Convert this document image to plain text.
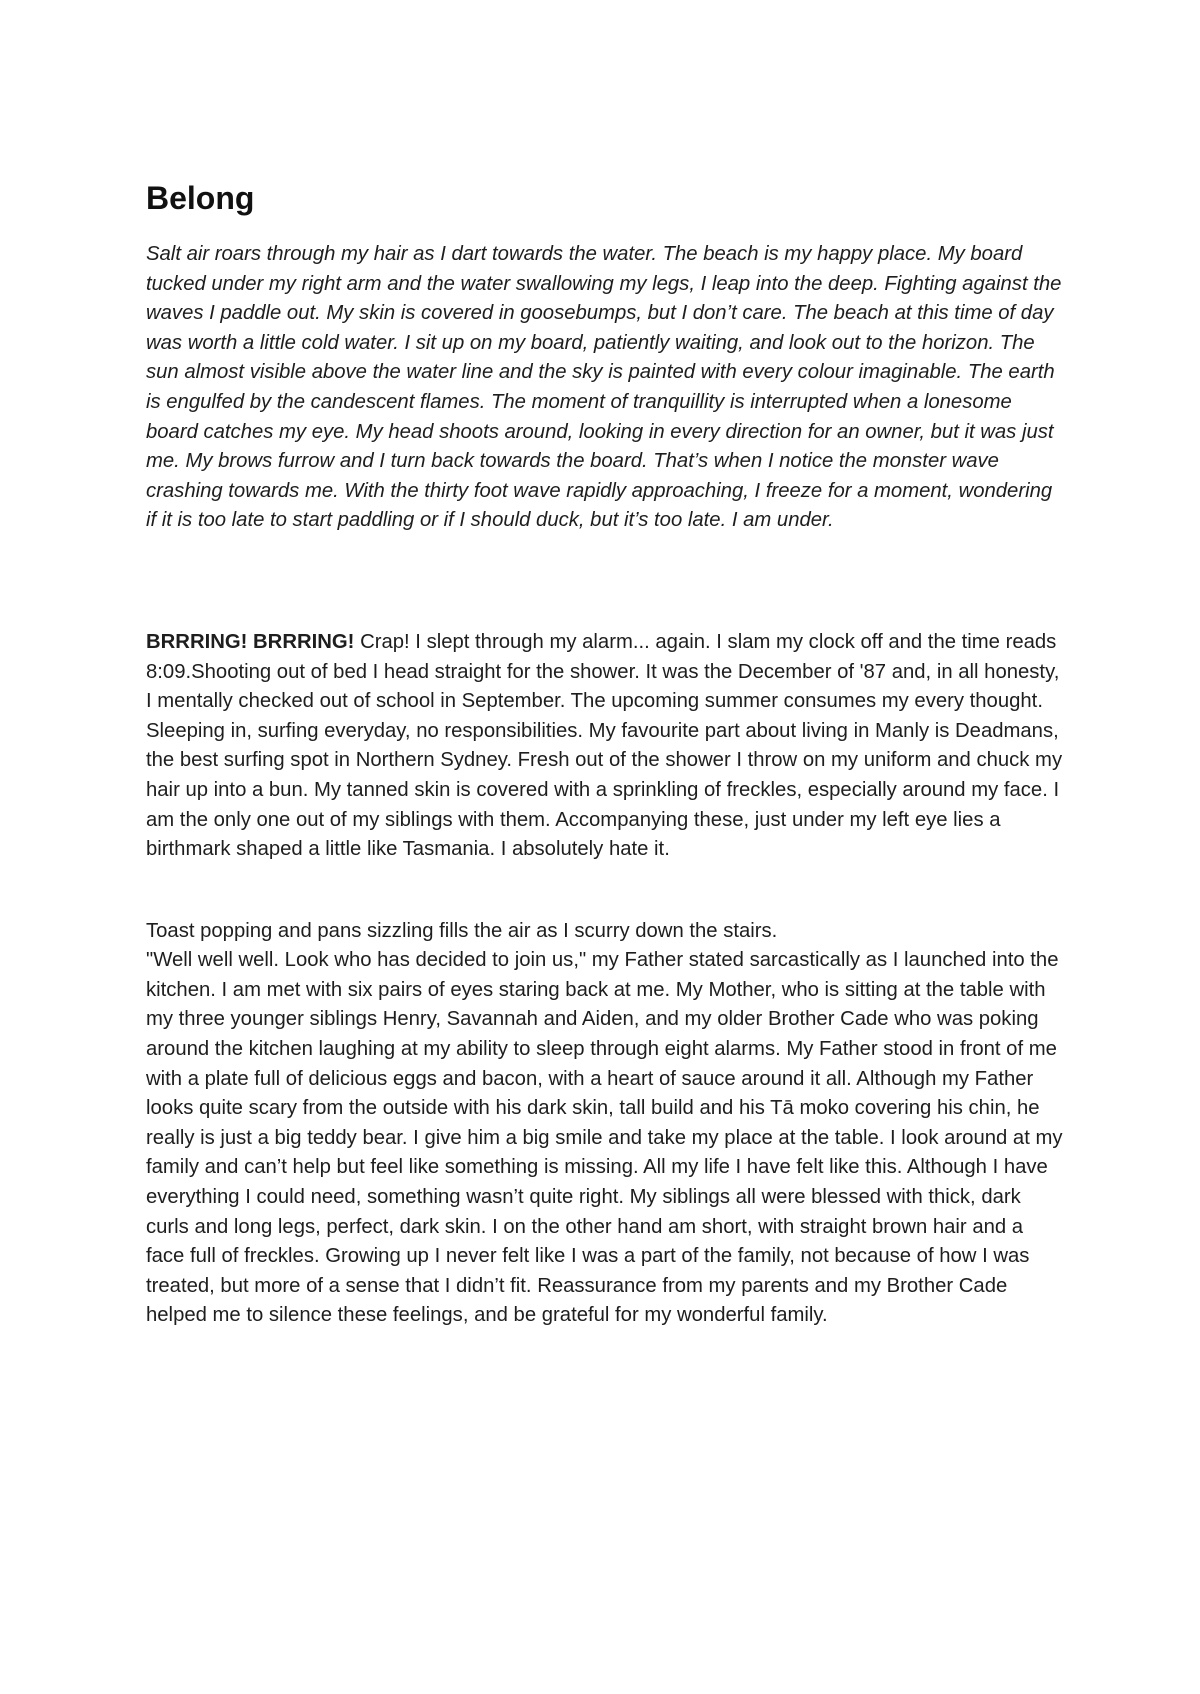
Belong

Salt air roars through my hair as I dart towards the water. The beach is my happy place. My board tucked under my right arm and the water swallowing my legs, I leap into the deep. Fighting against the waves I paddle out. My skin is covered in goosebumps, but I don’t care. The beach at this time of day was worth a little cold water. I sit up on my board, patiently waiting, and look out to the horizon. The sun almost visible above the water line and the sky is painted with every colour imaginable. The earth is engulfed by the candescent flames. The moment of tranquillity is interrupted when a lonesome board catches my eye. My head shoots around, looking in every direction for an owner, but it was just me. My brows furrow and I turn back towards the board. That’s when I notice the monster wave crashing towards me. With the thirty foot wave rapidly approaching, I freeze for a moment, wondering if it is too late to start paddling or if I should duck, but it’s too late. I am under.

BRRRING! BRRRING! Crap! I slept through my alarm... again. I slam my clock off and the time reads 8:09.Shooting out of bed I head straight for the shower. It was the December of '87 and, in all honesty, I mentally checked out of school in September. The upcoming summer consumes my every thought. Sleeping in, surfing everyday, no responsibilities. My favourite part about living in Manly is Deadmans, the best surfing spot in Northern Sydney. Fresh out of the shower I throw on my uniform and chuck my hair up into a bun. My tanned skin is covered with a sprinkling of freckles, especially around my face. I am the only one out of my siblings with them. Accompanying these, just under my left eye lies a birthmark shaped a little like Tasmania. I absolutely hate it.

Toast popping and pans sizzling fills the air as I scurry down the stairs.
"Well well well. Look who has decided to join us," my Father stated sarcastically as I launched into the kitchen. I am met with six pairs of eyes staring back at me. My Mother, who is sitting at the table with my three younger siblings Henry, Savannah and Aiden, and my older Brother Cade who was poking around the kitchen laughing at my ability to sleep through eight alarms. My Father stood in front of me with a plate full of delicious eggs and bacon, with a heart of sauce around it all. Although my Father looks quite scary from the outside with his dark skin, tall build and his Tā moko covering his chin, he really is just a big teddy bear. I give him a big smile and take my place at the table. I look around at my family and can’t help but feel like something is missing. All my life I have felt like this. Although I have everything I could need, something wasn’t quite right. My siblings all were blessed with thick, dark curls and long legs, perfect, dark skin. I on the other hand am short, with straight brown hair and a face full of freckles. Growing up I never felt like I was a part of the family, not because of how I was treated, but more of a sense that I didn’t fit. Reassurance from my parents and my Brother Cade helped me to silence these feelings, and be grateful for my wonderful family.
